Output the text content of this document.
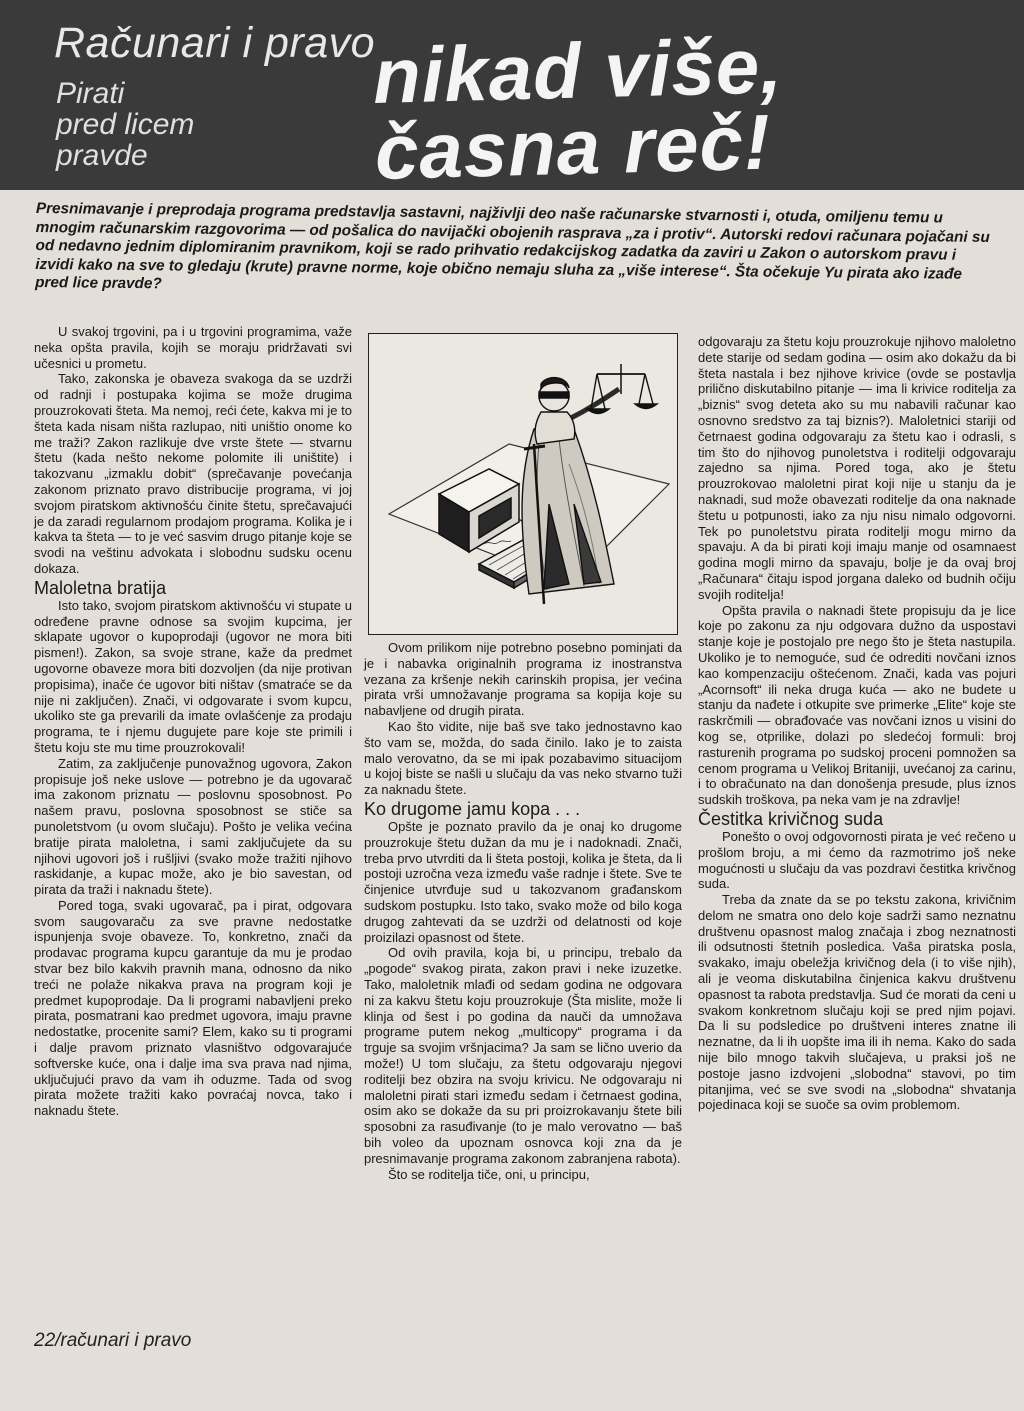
Računari i pravo
Pirati
pred licem
pravde
nikad više,
časna reč!
Presnimavanje i preprodaja programa predstavlja sastavni, najživlji deo naše računarske stvarnosti i, otuda, omiljenu temu u mnogim računarskim razgovorima — od pošalica do navijački obojenih rasprava „za i protiv“. Autorski redovi računara pojačani su od nedavno jednim diplomiranim pravnikom, koji se rado prihvatio redakcijskog zadatka da zaviri u Zakon o autorskom pravu i izvidi kako na sve to gledaju (krute) pravne norme, koje obično nemaju sluha za „više interese“. Šta očekuje Yu pirata ako izađe pred lice pravde?

U svakoj trgovini, pa i u trgovini programima, važe neka opšta pravila, kojih se moraju pridržavati svi učesnici u prometu.

Tako, zakonska je obaveza svakoga da se uzdrži od radnji i postupaka kojima se može drugima prouzrokovati šteta. Ma nemoj, reći ćete, kakva mi je to šteta kada nisam ništa razlupao, niti uništio onome ko me traži? Zakon razlikuje dve vrste štete — stvarnu štetu (kada nešto nekome polomite ili uništite) i takozvanu „izmaklu dobit“ (sprečavanje povećanja zakonom priznato pravo distribucije programa, vi joj svojom piratskom aktivnošću činite štetu, sprečavajući je da zaradi regularnom prodajom programa. Kolika je i kakva ta šteta — to je već sasvim drugo pitanje koje se svodi na veštinu advokata i slobodnu sudsku ocenu dokaza.

Maloletna bratija

Isto tako, svojom piratskom aktivnošću vi stupate u određene pravne odnose sa svojim kupcima, jer sklapate ugovor o kupoprodaji (ugovor ne mora biti pismen!). Zakon, sa svoje strane, kaže da predmet ugovorne obaveze mora biti dozvoljen (da nije protivan propisima), inače će ugovor biti ništav (smatraće se da nije ni zaključen). Znači, vi odgovarate i svom kupcu, ukoliko ste ga prevarili da imate ovlašćenje za prodaju programa, te i njemu dugujete pare koje ste primili i štetu koju ste mu time prouzrokovali!

Zatim, za zaključenje punovažnog ugovora, Zakon propisuje još neke uslove — potrebno je da ugovarač ima zakonom priznatu — poslovnu sposobnost. Po našem pravu, poslovna sposobnost se stiče sa punoletstvom (u ovom slučaju). Pošto je velika većina bratije pirata maloletna, i sami zaključujete da su njihovi ugovori još i rušljivi (svako može tražiti njihovo raskidanje, a kupac može, ako je bio savestan, od pirata da traži i naknadu štete).

Pored toga, svaki ugovarač, pa i pirat, odgovara svom saugovaraču za sve pravne nedostatke ispunjenja svoje obaveze. To, konkretno, znači da prodavac programa kupcu garantuje da mu je prodao stvar bez bilo kakvih pravnih mana, odnosno da niko treći ne polaže nikakva prava na program koji je predmet kupoprodaje. Da li programi nabavljeni preko pirata, posmatrani kao predmet ugovora, imaju pravne nedostatke, procenite sami? Elem, kako su ti programi i dalje pravom priznato vlasništvo odgovarajuće softverske kuće, ona i dalje ima sva prava nad njima, uključujući pravo da vam ih oduzme. Tada od svog pirata možete tražiti kako povraćaj novca, tako i naknadu štete.

Ovom prilikom nije potrebno posebno pominjati da je i nabavka originalnih programa iz inostranstva vezana za kršenje nekih carinskih propisa, jer većina pirata vrši umnožavanje programa sa kopija koje su nabavljene od drugih pirata.

Kao što vidite, nije baš sve tako jednostavno kao što vam se, možda, do sada činilo. Iako je to zaista malo verovatno, da se mi ipak pozabavimo situacijom u kojoj biste se našli u slučaju da vas neko stvarno tuži za naknadu štete.

Ko drugome jamu kopa . . .

Opšte je poznato pravilo da je onaj ko drugome prouzrokuje štetu dužan da mu je i nadoknadi. Znači, treba prvo utvrditi da li šteta postoji, kolika je šteta, da li postoji uzročna veza između vaše radnje i štete. Sve te činjenice utvrđuje sud u takozvanom građanskom sudskom postupku. Isto tako, svako može od bilo koga drugog zahtevati da se uzdrži od delatnosti od koje proizilazi opasnost od štete.

Od ovih pravila, koja bi, u principu, trebalo da „pogode“ svakog pirata, zakon pravi i neke izuzetke. Tako, maloletnik mlađi od sedam godina ne odgovara ni za kakvu štetu koju prouzrokuje (Šta mislite, može li klinja od šest i po godina da nauči da umnožava programe putem nekog „multicopy“ programa i da trguje sa svojim vršnjacima? Ja sam se lično uverio da može!) U tom slučaju, za štetu odgovaraju njegovi roditelji bez obzira na svoju krivicu. Ne odgovaraju ni maloletni pirati stari između sedam i četrnaest godina, osim ako se dokaže da su pri proizrokavanju štete bili sposobni za rasuđivanje (to je malo verovatno — baš bih voleo da upoznam osnovca koji zna da je presnimavanje programa zakonom zabranjena rabota).

Što se roditelja tiče, oni, u principu,

odgovaraju za štetu koju prouzrokuje njihovo maloletno dete starije od sedam godina — osim ako dokažu da bi šteta nastala i bez njihove krivice (ovde se postavlja prilično diskutabilno pitanje — ima li krivice roditelja za „biznis“ svog deteta ako su mu nabavili računar kao osnovno sredstvo za taj biznis?). Maloletnici stariji od četrnaest godina odgovaraju za štetu kao i odrasli, s tim što do njihovog punoletstva i roditelji odgovaraju zajedno sa njima. Pored toga, ako je štetu prouzrokovao maloletni pirat koji nije u stanju da je naknadi, sud može obavezati roditelje da ona naknade štetu u potpunosti, iako za nju nisu nimalo odgovorni. Tek po punoletstvu pirata roditelji mogu mirno da spavaju. A da bi pirati koji imaju manje od osamnaest godina mogli mirno da spavaju, bolje je da ovaj broj „Računara“ čitaju ispod jorgana daleko od budnih očiju svojih roditelja!

Opšta pravila o naknadi štete propisuju da je lice koje po zakonu za nju odgovara dužno da uspostavi stanje koje je postojalo pre nego što je šteta nastupila. Ukoliko je to nemoguće, sud će odrediti novčani iznos kao kompenzaciju oštećenom. Znači, kada vas pojuri „Acornsoft“ ili neka druga kuća — ako ne budete u stanju da nađete i otkupite sve primerke „Elite“ koje ste raskrčmili — obrađovaće vas novčani iznos u visini do kog se, otprilike, dolazi po sledećoj formuli: broj rasturenih programa po sudskoj proceni pomnožen sa cenom programa u Velikoj Britaniji, uvećanoj za carinu, i to obračunato na dan donošenja presude, plus iznos sudskih troškova, pa neka vam je na zdravlje!

Čestitka krivičnog suda

Ponešto o ovoj odgovornosti pirata je već rečeno u prošlom broju, a mi ćemo da razmotrimo još neke mogućnosti u slučaju da vas pozdravi čestitka krivčnog suda.

Treba da znate da se po tekstu zakona, krivičnim delom ne smatra ono delo koje sadrži samo neznatnu društvenu opasnost malog značaja i zbog neznatnosti ili odsutnosti štetnih posledica. Vaša piratska posla, svakako, imaju obeležja krivičnog dela (i to više njih), ali je veoma diskutabilna činjenica kakvu društvenu opasnost ta rabota predstavlja. Sud će morati da ceni u svakom konkretnom slučaju koji se pred njim pojavi. Da li su podsledice po društveni interes znatne ili neznatne, da li ih uopšte ima ili ih nema. Kako do sada nije bilo mnogo takvih slučajeva, u praksi još ne postoje jasno izdvojeni „slobodna“ stavovi, po tim pitanjima, već se sve svodi na „slobodna“ shvatanja pojedinaca koji se suoče sa ovim problemom.

22/računari i pravo
